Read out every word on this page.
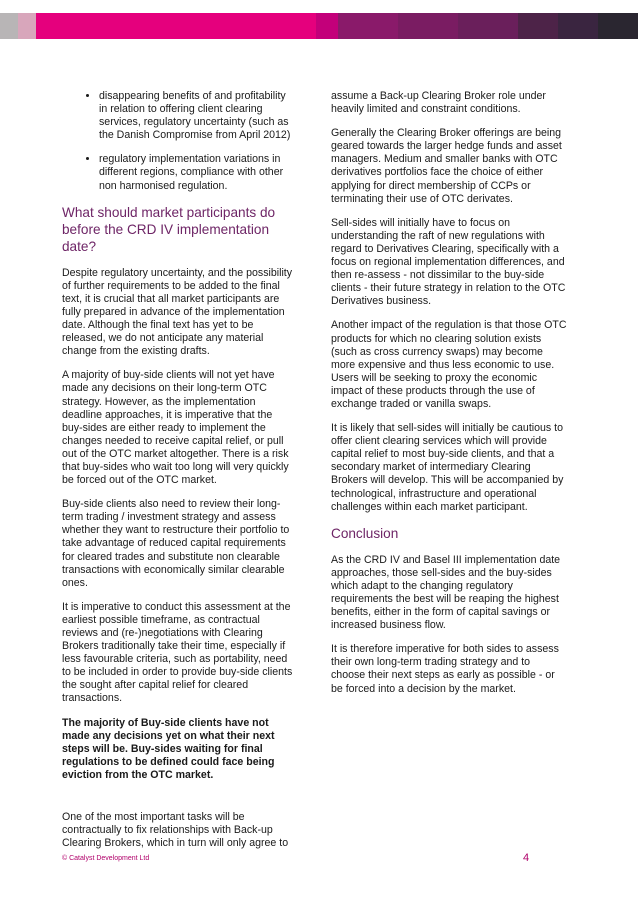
• disappearing benefits of and profitability in relation to offering client clearing services, regulatory uncertainty (such as the Danish Compromise from April 2012)
• regulatory implementation variations in different regions, compliance with other non harmonised regulation.
What should market participants do before the CRD IV implementation date?

Despite regulatory uncertainty, and the possibility of further requirements to be added to the final text, it is crucial that all market participants are fully prepared in advance of the implementation date. Although the final text has yet to be released, we do not anticipate any material change from the existing drafts.

A majority of buy-side clients will not yet have made any decisions on their long-term OTC strategy. However, as the implementation deadline approaches, it is imperative that the buy-sides are either ready to implement the changes needed to receive capital relief, or pull out of the OTC market altogether. There is a risk that buy-sides who wait too long will very quickly be forced out of the OTC market.

Buy-side clients also need to review their long-term trading / investment strategy and assess whether they want to restructure their portfolio to take advantage of reduced capital requirements for cleared trades and substitute non clearable transactions with economically similar clearable ones.

It is imperative to conduct this assessment at the earliest possible timeframe, as contractual reviews and (re-)negotiations with Clearing Brokers traditionally take their time, especially if less favourable criteria, such as portability, need to be included in order to provide buy-side clients the sought after capital relief for cleared transactions.

The majority of Buy-side clients have not made any decisions yet on what their next steps will be. Buy-sides waiting for final regulations to be defined could face being eviction from the OTC market.

One of the most important tasks will be contractually to fix relationships with Back-up Clearing Brokers, which in turn will only agree to

assume a Back-up Clearing Broker role under heavily limited and constraint conditions.

Generally the Clearing Broker offerings are being geared towards the larger hedge funds and asset managers. Medium and smaller banks with OTC derivatives portfolios face the choice of either applying for direct membership of CCPs or terminating their use of OTC derivates.

Sell-sides will initially have to focus on understanding the raft of new regulations with regard to Derivatives Clearing, specifically with a focus on regional implementation differences, and then re-assess - not dissimilar to the buy-side clients - their future strategy in relation to the OTC Derivatives business.

Another impact of the regulation is that those OTC products for which no clearing solution exists (such as cross currency swaps) may become more expensive and thus less economic to use. Users will be seeking to proxy the economic impact of these products through the use of exchange traded or vanilla swaps.

It is likely that sell-sides will initially be cautious to offer client clearing services which will provide capital relief to most buy-side clients, and that a secondary market of intermediary Clearing Brokers will develop. This will be accompanied by technological, infrastructure and operational challenges within each market participant.

Conclusion

As the CRD IV and Basel III implementation date approaches, those sell-sides and the buy-sides which adapt to the changing regulatory requirements the best will be reaping the highest benefits, either in the form of capital savings or increased business flow.

It is therefore imperative for both sides to assess their own long-term trading strategy and to choose their next steps as early as possible - or be forced into a decision by the market.

© Catalyst Development Ltd	4
